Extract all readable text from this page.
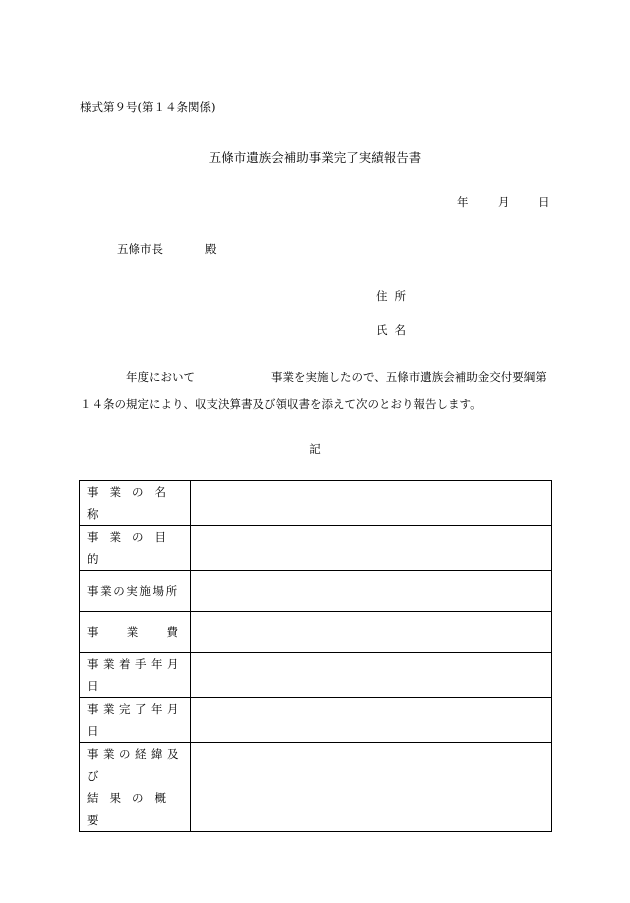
様式第９号(第１４条関係)
五條市遺族会補助事業完了実績報告書
年	月 日
五條市長	殿
住所
氏名
年度において	事業を実施したので、五條市遺族会補助金交付要綱第
１４条の規定により、収支決算書及び領収書を添えて次のとおり報告します。
記
事業の名称	

事業の目的	

事業の実施場所	

事 業 費	

事業着手年月日	

事業完了年月日	

事業の経緯及び
結果の概要	
